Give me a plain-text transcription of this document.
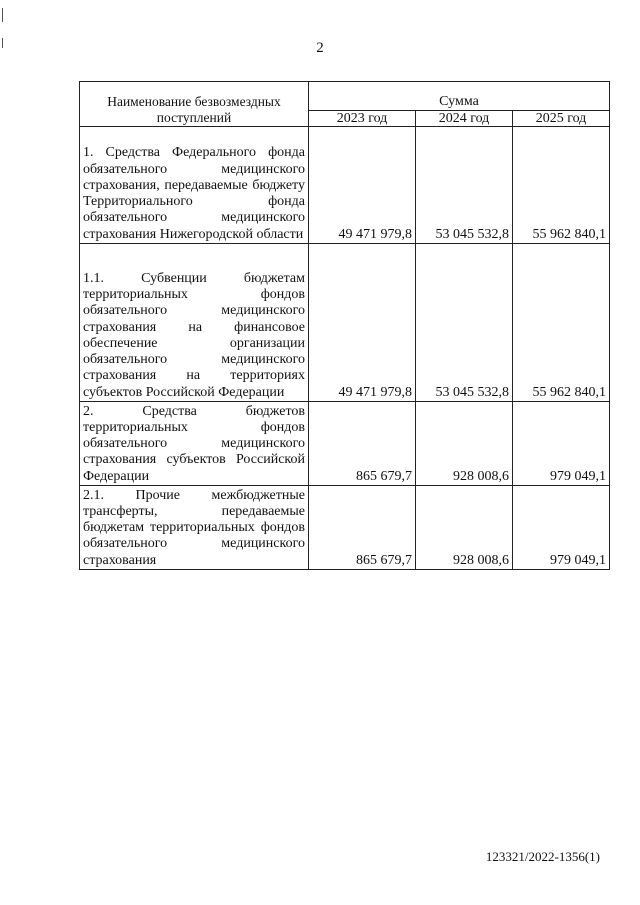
2
Наименование безвозмездных поступлений	Сумма		
	2023 год	2024 год	2025 год
1. Средства Федерального фонда обязательного медицинского страхования, передаваемые бюджету Территориального фонда обязательного медицинского страхования Нижегородской области	49 471 979,8	53 045 532,8	55 962 840,1
1.1. Субвенции бюджетам территориальных фондов обязательного медицинского страхования на финансовое обеспечение организации обязательного медицинского страхования на территориях субъектов Российской Федерации	49 471 979,8	53 045 532,8	55 962 840,1
2. Средства бюджетов территориальных фондов обязательного медицинского страхования субъектов Российской Федерации	865 679,7	928 008,6	979 049,1
2.1. Прочие межбюджетные трансферты, передаваемые бюджетам территориальных фондов обязательного медицинского страхования	865 679,7	928 008,6	979 049,1
123321/2022-1356(1)
